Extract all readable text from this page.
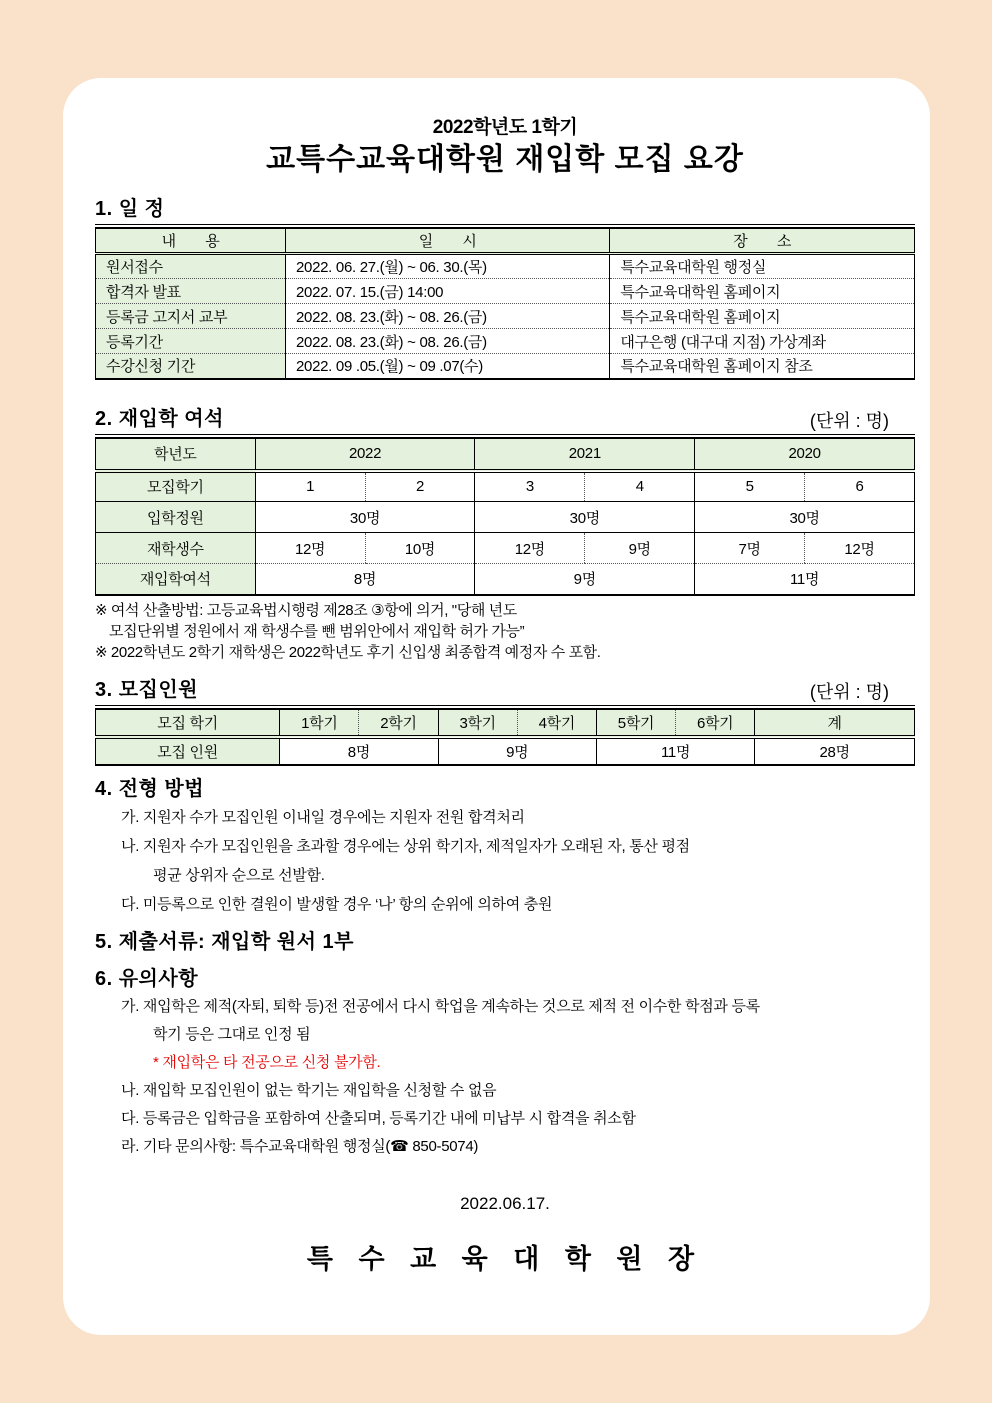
2022학년도 1학기
교특수교육대학원 재입학 모집 요강
1. 일 정
내　　용	일　　시	장　　소
원서접수	2022. 06. 27.(월) ~ 06. 30.(목)	특수교육대학원 행정실
합격자 발표	2022. 07. 15.(금) 14:00	특수교육대학원 홈페이지
등록금 고지서 교부	2022. 08. 23.(화) ~ 08. 26.(금)	특수교육대학원 홈페이지
등록기간	2022. 08. 23.(화) ~ 08. 26.(금)	대구은행 (대구대 지점) 가상계좌
수강신청 기간	2022. 09 .05.(월) ~ 09 .07(수)	특수교육대학원 홈페이지 참조
2. 재입학 여석	(단위 : 명)
학년도	2022		2021		2020	
모집학기	1	2	3	4	5	6
입학정원	30명		30명		30명	
재학생수	12명	10명	12명	9명	7명	12명
재입학여석	8명		9명		11명	
※ 여석 산출방법: 고등교육법시행령 제28조 ③항에 의거, "당해 년도
모집단위별 정원에서 재 학생수를 뺀 범위안에서 재입학 허가 가능”
※ 2022학년도 2학기 재학생은 2022학년도 후기 신입생 최종합격 예정자 수 포함.
3. 모집인원	(단위 : 명)
모집 학기	1학기	2학기	3학기	4학기	5학기	6학기	계
모집 인원	8명		9명		11명		28명
4. 전형 방법
가. 지원자 수가 모집인원 이내일 경우에는 지원자 전원 합격처리
나. 지원자 수가 모집인원을 초과할 경우에는 상위 학기자, 제적일자가 오래된 자, 통산 평점
평균 상위자 순으로 선발함.
다. 미등록으로 인한 결원이 발생할 경우 ‘나’ 항의 순위에 의하여 충원
5. 제출서류: 재입학 원서 1부
6. 유의사항
가. 재입학은 제적(자퇴, 퇴학 등)전 전공에서 다시 학업을 계속하는 것으로 제적 전 이수한 학점과 등록
학기 등은 그대로 인정 됨
* 재입학은 타 전공으로 신청 불가함.
나. 재입학 모집인원이 없는 학기는 재입학을 신청할 수 없음
다. 등록금은 입학금을 포함하여 산출되며, 등록기간 내에 미납부 시 합격을 취소함
라. 기타 문의사항: 특수교육대학원 행정실(☎ 850-5074)
2022.06.17.
특 수 교 육 대 학 원 장
